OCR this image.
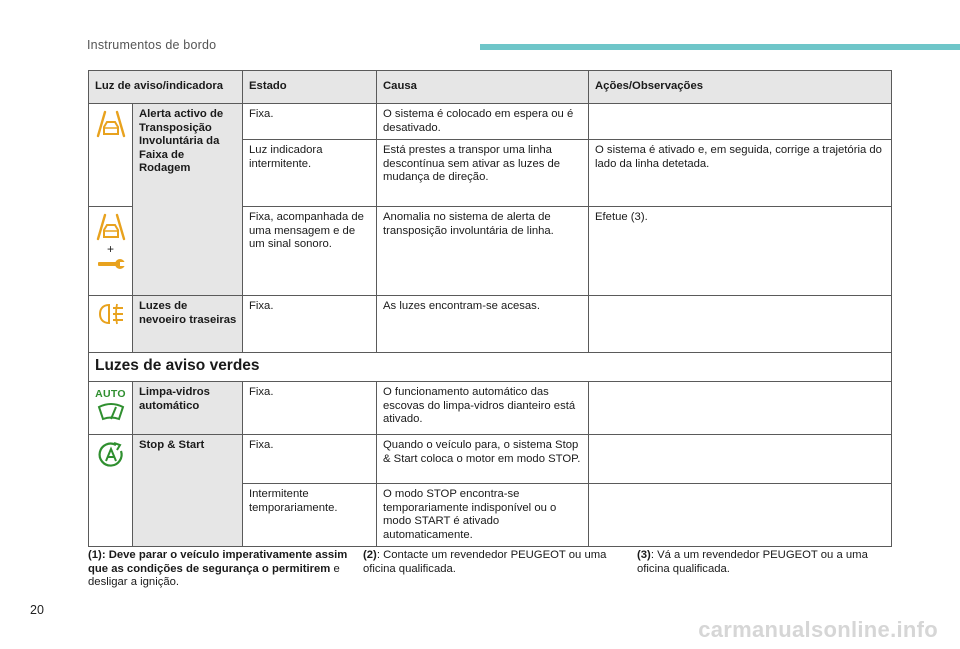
Instrumentos de bordo
Luz de aviso/indicadora		Estado	Causa	Ações/Observações

	Alerta activo de Transposição Involuntária da Faixa de Rodagem	Fixa.	O sistema é colocado em espera ou é desativado.	
		Luz indicadora intermitente.	Está prestes a transpor uma linha descontínua sem ativar as luzes de mudança de direção.	O sistema é ativado e, em seguida, corrige a trajetória do lado da linha detetada.

+		Fixa, acompanhada de uma mensagem e de um sinal sonoro.	Anomalia no sistema de alerta de transposição involuntária de linha.	Efetue (3).

	Luzes de nevoeiro traseiras	Fixa.	As luzes encontram-se acesas.	
Luzes de aviso verdes				

AUTO	Limpa-vidros automático	Fixa.	O funcionamento automático das escovas do limpa-vidros dianteiro está ativado.	

	Stop & Start	Fixa.	Quando o veículo para, o sistema Stop & Start coloca o motor em modo STOP.	
		Intermitente temporariamente.	O modo STOP encontra-se temporariamente indisponível ou o modo START é ativado automaticamente.	
(1): Deve parar o veículo imperativamente assim que as condições de segurança o permitirem e desligar a ignição.
(2): Contacte um revendedor PEUGEOT ou uma oficina qualificada.
(3): Vá a um revendedor PEUGEOT ou a uma oficina qualificada.
20
carmanualsonline.info
